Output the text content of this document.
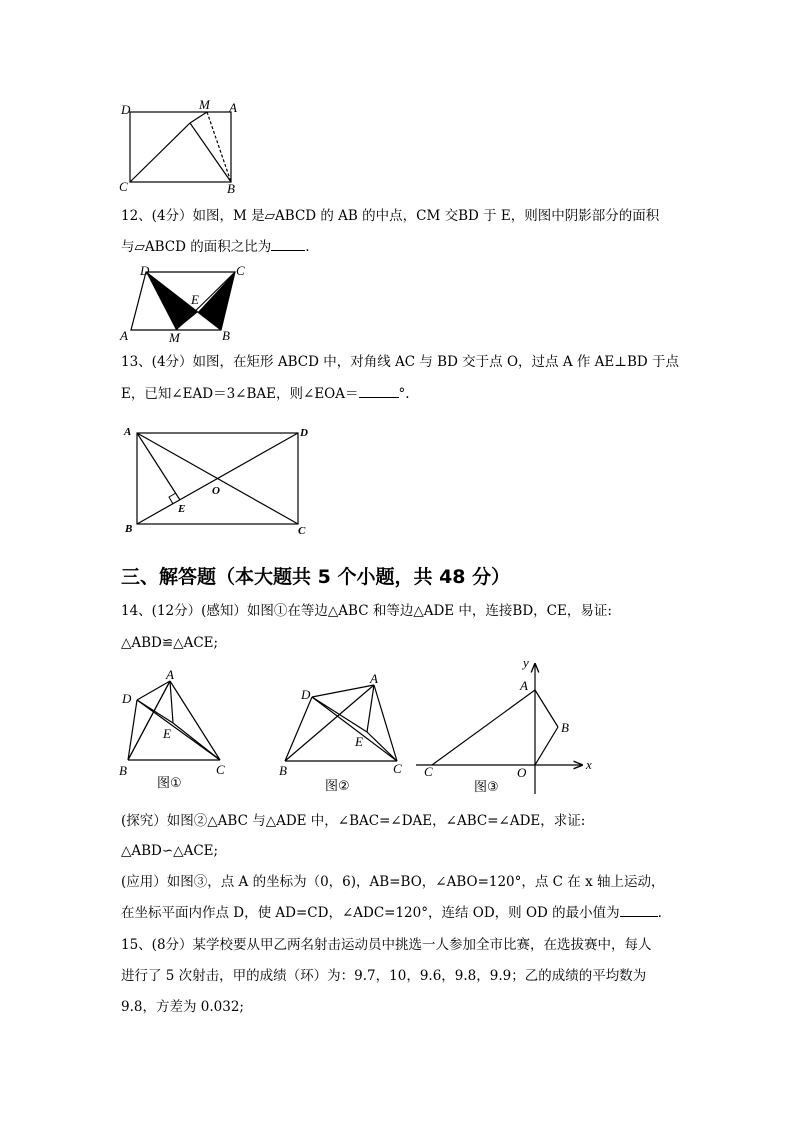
D	M A
C	B
12、(4分）如图，M 是▱ABCD 的 AB 的中点，CM 交BD 于 E，则图中阴影部分的面积
与▱ABCD 的面积之比为	.
D	C
E
A	M	B
13、(4分）如图，在矩形 ABCD 中，对角线 AC 与 BD 交于点 O，过点 A 作 AE⊥BD 于点
E，已知∠EAD＝3∠BAE，则∠EOA＝	°.
A	D
O
E
B	C
三、解答题（本大题共 5 个小题，共 48 分）
14、(12分）(感知）如图①在等边△ABC 和等边△ADE 中，连接BD，CE，易证:
△ABD≌△ACE;
D
A
E
B	C
图①
D
A
E
B	C
图②
y
A
B
x
C	O
图③
(探究）如图②△ABC 与△ADE 中，∠BAC=∠DAE，∠ABC=∠ADE，求证:
△ABD∽△ACE;
(应用）如图③，点 A 的坐标为（0，6)，AB=BO，∠ABO=120°，点 C 在 x 轴上运动，
在坐标平面内作点 D，使 AD=CD，∠ADC=120°，连结 OD，则 OD 的最小值为	.
15、(8分）某学校要从甲乙两名射击运动员中挑选一人参加全市比赛，在选拔赛中，每人
进行了 5 次射击，甲的成绩（环）为：9.7，10，9.6，9.8，9.9；乙的成绩的平均数为
9.8，方差为 0.032;
